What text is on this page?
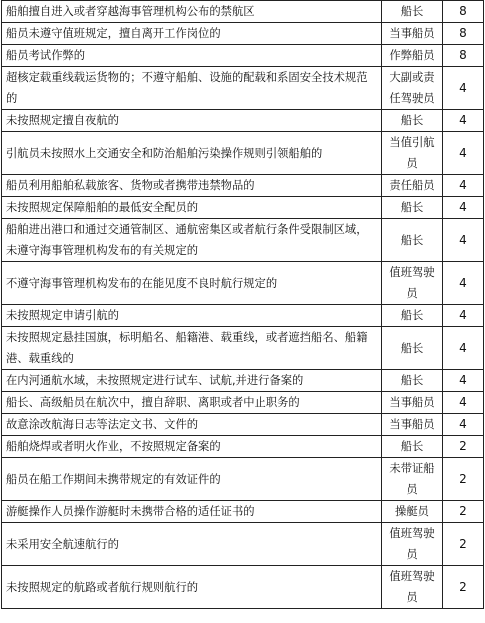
船舶擅自进入或者穿越海事管理机构公布的禁航区	船长	8
船员未遵守值班规定，擅自离开工作岗位的	当事船员	8
船员考试作弊的	作弊船员	8
超核定载重线载运货物的；不遵守船舶、设施的配载和系固安全技术规范的	大副或责任驾驶员	4
未按照规定擅自夜航的	船长	4
引航员未按照水上交通安全和防治船舶污染操作规则引领船舶的	当值引航员	4
船员利用船舶私载旅客、货物或者携带违禁物品的	责任船员	4
未按照规定保障船舶的最低安全配员的	船长	4
船舶进出港口和通过交通管制区、通航密集区或者航行条件受限制区域，未遵守海事管理机构发布的有关规定的	船长	4
不遵守海事管理机构发布的在能见度不良时航行规定的	值班驾驶员	4
未按照规定申请引航的	船长	4
未按照规定悬挂国旗，标明船名、船籍港、载重线，或者遮挡船名、船籍港、载重线的	船长	4
在内河通航水域，未按照规定进行试车、试航,并进行备案的	船长	4
船长、高级船员在航次中，擅自辞职、离职或者中止职务的	当事船员	4
故意涂改航海日志等法定文书、文件的	当事船员	4
船舶烧焊或者明火作业，不按照规定备案的	船长	2
船员在船工作期间未携带规定的有效证件的	未带证船员	2
游艇操作人员操作游艇时未携带合格的适任证书的	操艇员	2
未采用安全航速航行的	值班驾驶员	2
未按照规定的航路或者航行规则航行的	值班驾驶员	2
